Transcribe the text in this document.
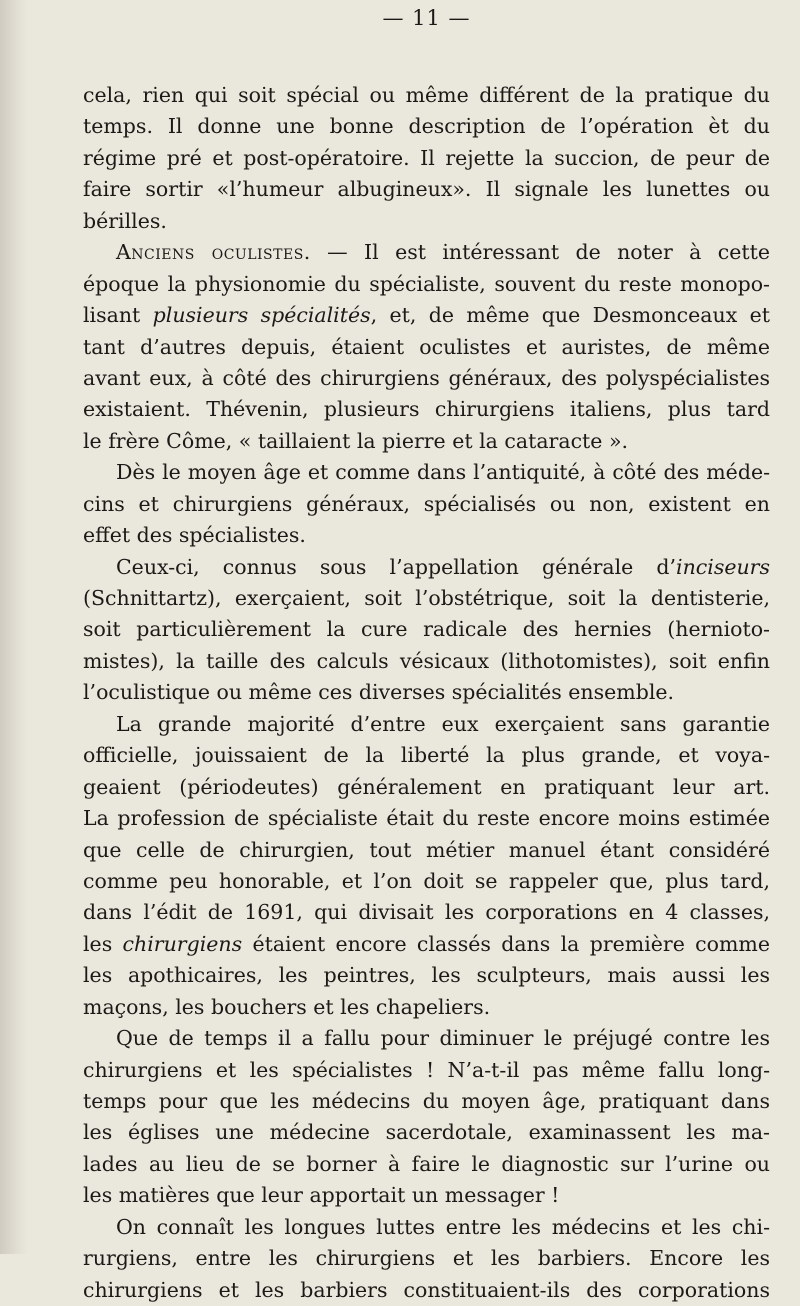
— 11 —
cela, rien qui soit spécial ou même différent de la pratique du
temps. Il donne une bonne description de l’opération èt du
régime pré et post-opératoire. Il rejette la succion, de peur de
faire sortir «l’humeur albugineux». Il signale les lunettes ou
bérilles.
Anciens oculistes. — Il est intéressant de noter à cette
époque la physionomie du spécialiste, souvent du reste monopo-
lisant plusieurs spécialités, et, de même que Desmonceaux et
tant d’autres depuis, étaient oculistes et auristes, de même
avant eux, à côté des chirurgiens généraux, des polyspécialistes
existaient. Thévenin, plusieurs chirurgiens italiens, plus tard
le frère Côme, « taillaient la pierre et la cataracte ».
Dès le moyen âge et comme dans l’antiquité, à côté des méde-
cins et chirurgiens généraux, spécialisés ou non, existent en
effet des spécialistes.
Ceux-ci, connus sous l’appellation générale d’inciseurs
(Schnittartz), exerçaient, soit l’obstétrique, soit la dentisterie,
soit particulièrement la cure radicale des hernies (hernioto-
mistes), la taille des calculs vésicaux (lithotomistes), soit enfin
l’oculistique ou même ces diverses spécialités ensemble.
La grande majorité d’entre eux exerçaient sans garantie
officielle, jouissaient de la liberté la plus grande, et voya-
geaient (périodeutes) généralement en pratiquant leur art.
La profession de spécialiste était du reste encore moins estimée
que celle de chirurgien, tout métier manuel étant considéré
comme peu honorable, et l’on doit se rappeler que, plus tard,
dans l’édit de 1691, qui divisait les corporations en 4 classes,
les chirurgiens étaient encore classés dans la première comme
les apothicaires, les peintres, les sculpteurs, mais aussi les
maçons, les bouchers et les chapeliers.
Que de temps il a fallu pour diminuer le préjugé contre les
chirurgiens et les spécialistes ! N’a-t-il pas même fallu long-
temps pour que les médecins du moyen âge, pratiquant dans
les églises une médecine sacerdotale, examinassent les ma-
lades au lieu de se borner à faire le diagnostic sur l’urine ou
les matières que leur apportait un messager !
On connaît les longues luttes entre les médecins et les chi-
rurgiens, entre les chirurgiens et les barbiers. Encore les
chirurgiens et les barbiers constituaient-ils des corporations
